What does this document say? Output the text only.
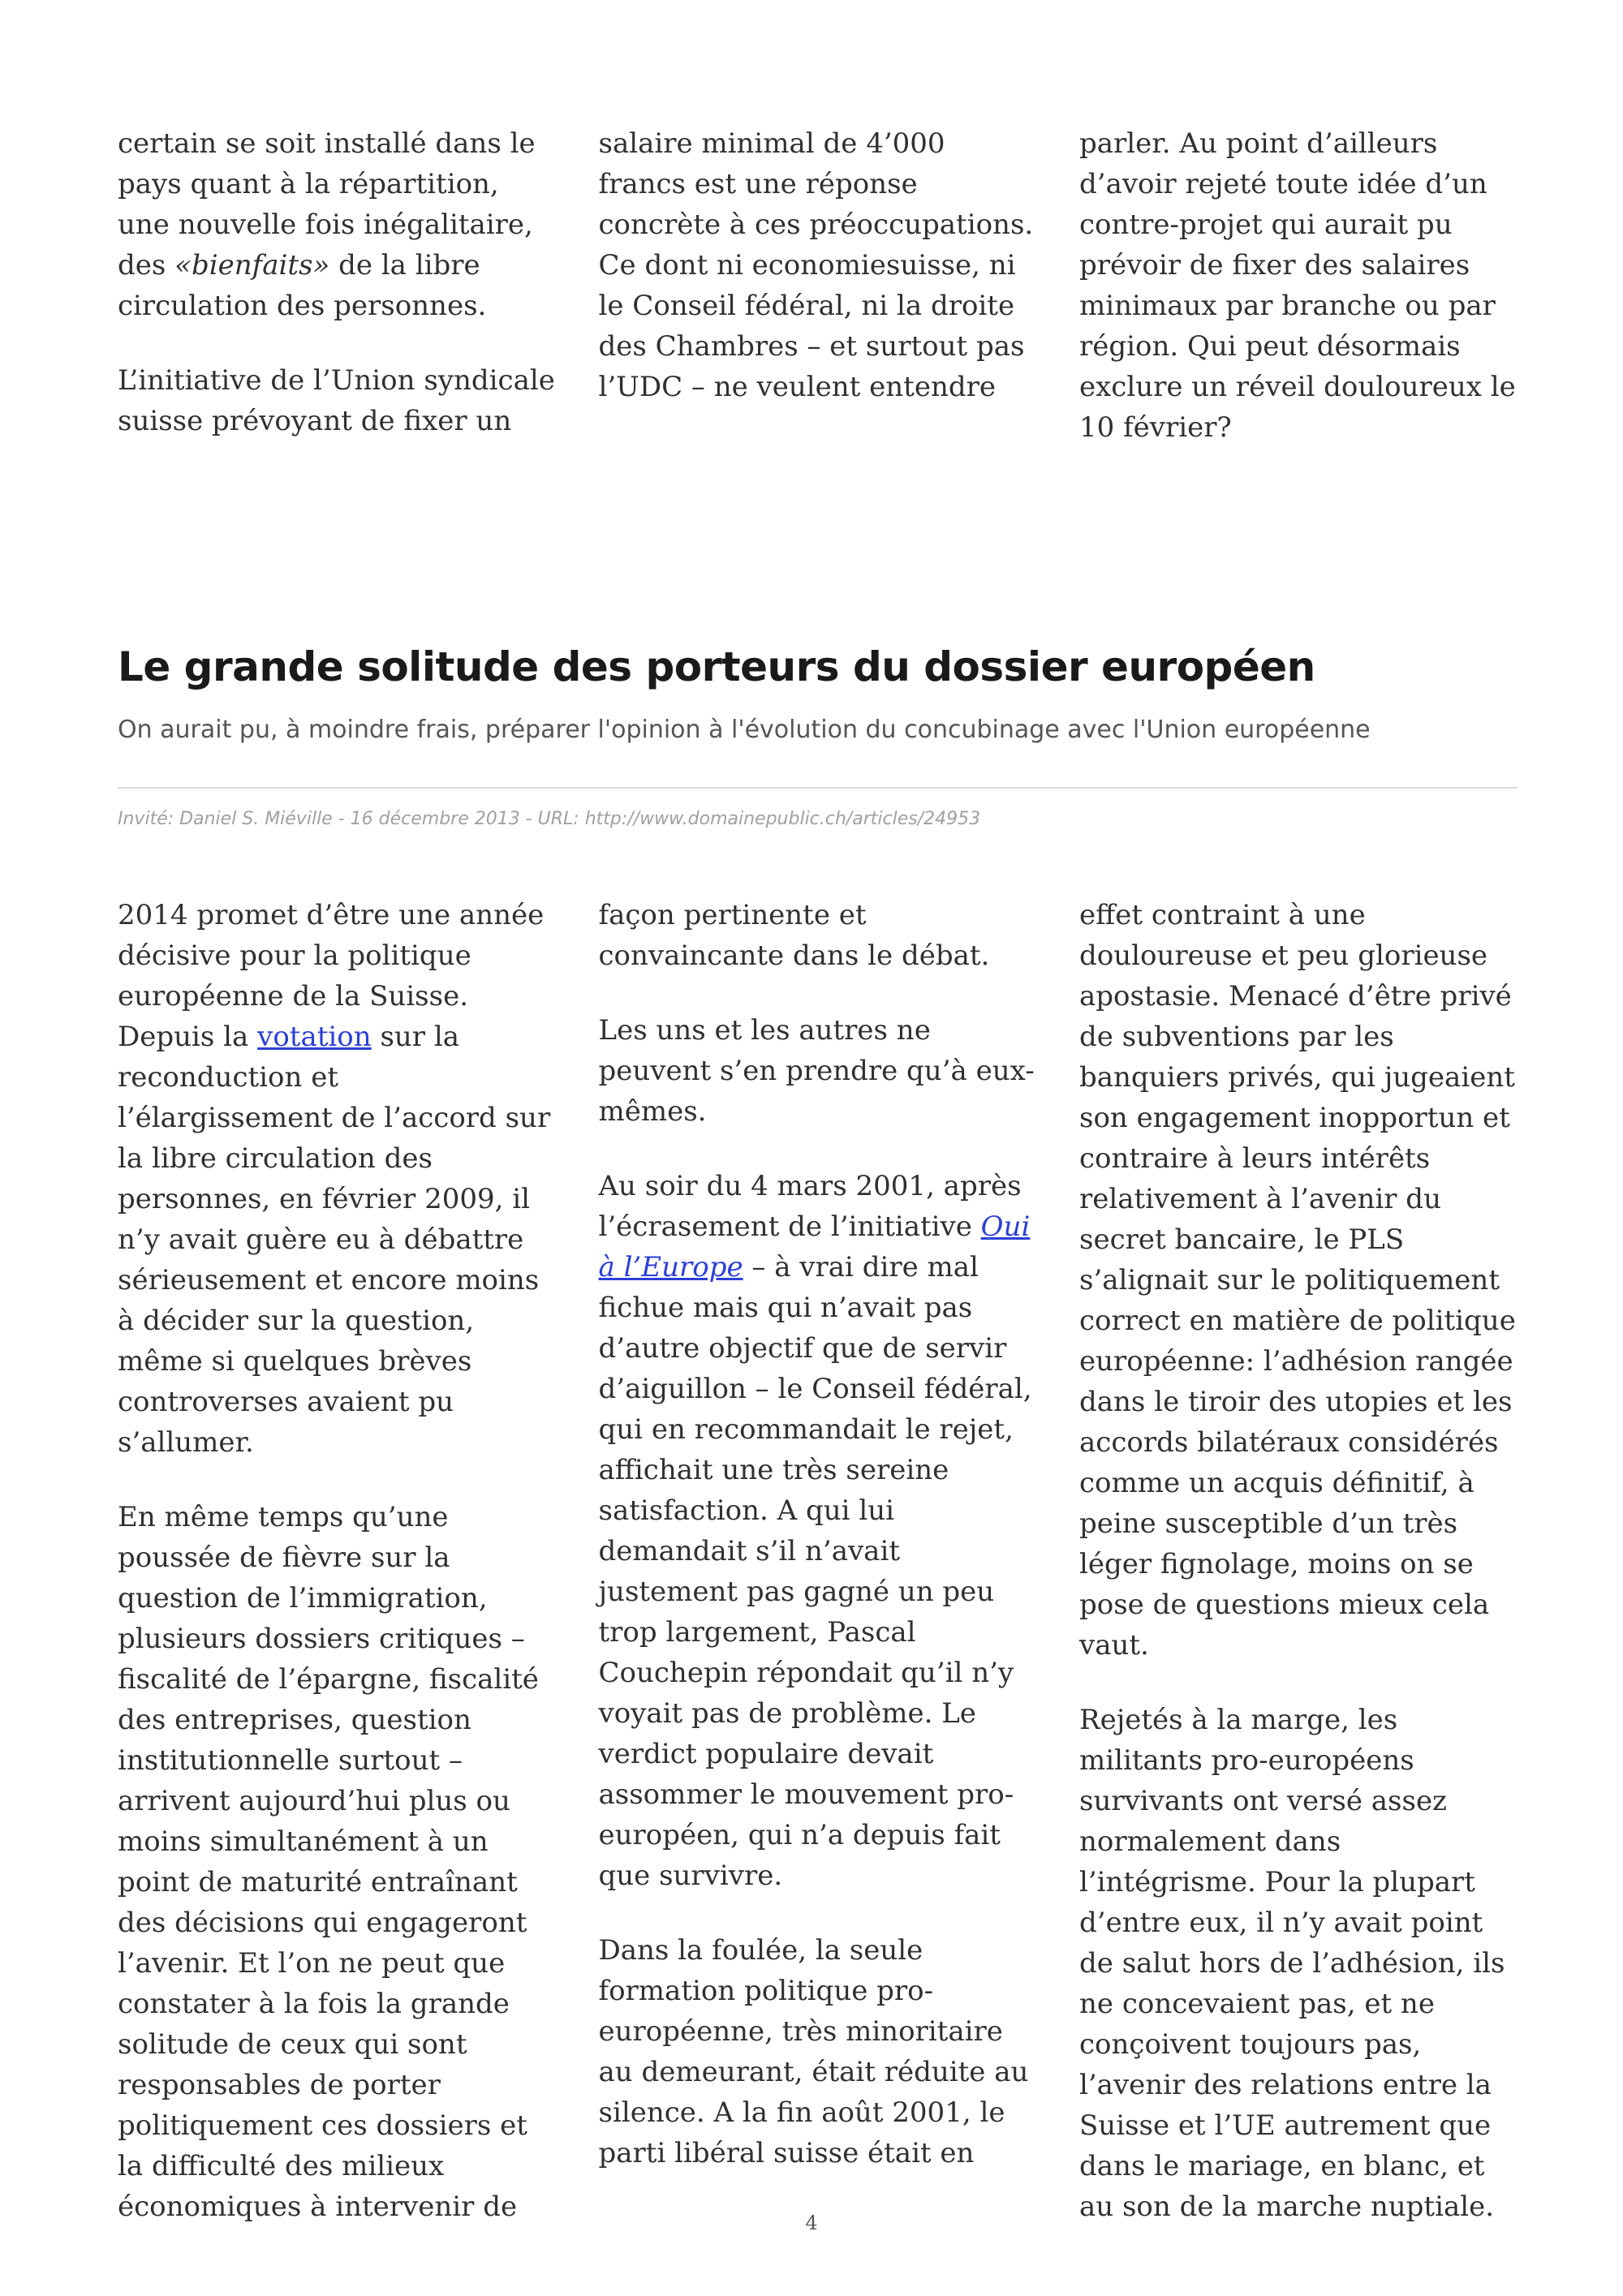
certain se soit installé dans le pays quant à la répartition, une nouvelle fois inégalitaire, des «bienfaits» de la libre circulation des personnes.

L’initiative de l’Union syndicale suisse prévoyant de fixer un

salaire minimal de 4’000 francs est une réponse concrète à ces préoccupations. Ce dont ni economiesuisse, ni le Conseil fédéral, ni la droite des Chambres – et surtout pas l’UDC – ne veulent entendre

parler. Au point d’ailleurs d’avoir rejeté toute idée d’un contre-projet qui aurait pu prévoir de fixer des salaires minimaux par branche ou par région. Qui peut désormais exclure un réveil douloureux le 10 février?

Le grande solitude des porteurs du dossier européen

On aurait pu, à moindre frais, préparer l'opinion à l'évolution du concubinage avec l'Union européenne

Invité: Daniel S. Miéville - 16 décembre 2013 - URL: http://www.domainepublic.ch/articles/24953

2014 promet d’être une année décisive pour la politique européenne de la Suisse. Depuis la votation sur la reconduction et l’élargissement de l’accord sur la libre circulation des personnes, en février 2009, il n’y avait guère eu à débattre sérieusement et encore moins à décider sur la question, même si quelques brèves controverses avaient pu s’allumer.

En même temps qu’une poussée de fièvre sur la question de l’immigration, plusieurs dossiers critiques – fiscalité de l’épargne, fiscalité des entreprises, question institutionnelle surtout – arrivent aujourd’hui plus ou moins simultanément à un point de maturité entraînant des décisions qui engageront l’avenir. Et l’on ne peut que constater à la fois la grande solitude de ceux qui sont responsables de porter politiquement ces dossiers et la difficulté des milieux économiques à intervenir de

façon pertinente et convaincante dans le débat.

Les uns et les autres ne peuvent s’en prendre qu’à eux-mêmes.

Au soir du 4 mars 2001, après l’écrasement de l’initiative Oui à l’Europe – à vrai dire mal fichue mais qui n’avait pas d’autre objectif que de servir d’aiguillon – le Conseil fédéral, qui en recommandait le rejet, affichait une très sereine satisfaction. A qui lui demandait s’il n’avait justement pas gagné un peu trop largement, Pascal Couchepin répondait qu’il n’y voyait pas de problème. Le verdict populaire devait assommer le mouvement pro-européen, qui n’a depuis fait que survivre.

Dans la foulée, la seule formation politique pro-européenne, très minoritaire au demeurant, était réduite au silence. A la fin août 2001, le parti libéral suisse était en

effet contraint à une douloureuse et peu glorieuse apostasie. Menacé d’être privé de subventions par les banquiers privés, qui jugeaient son engagement inopportun et contraire à leurs intérêts relativement à l’avenir du secret bancaire, le PLS s’alignait sur le politiquement correct en matière de politique européenne: l’adhésion rangée dans le tiroir des utopies et les accords bilatéraux considérés comme un acquis définitif, à peine susceptible d’un très léger fignolage, moins on se pose de questions mieux cela vaut.

Rejetés à la marge, les militants pro-européens survivants ont versé assez normalement dans l’intégrisme. Pour la plupart d’entre eux, il n’y avait point de salut hors de l’adhésion, ils ne concevaient pas, et ne conçoivent toujours pas, l’avenir des relations entre la Suisse et l’UE autrement que dans le mariage, en blanc, et au son de la marche nuptiale.

4
